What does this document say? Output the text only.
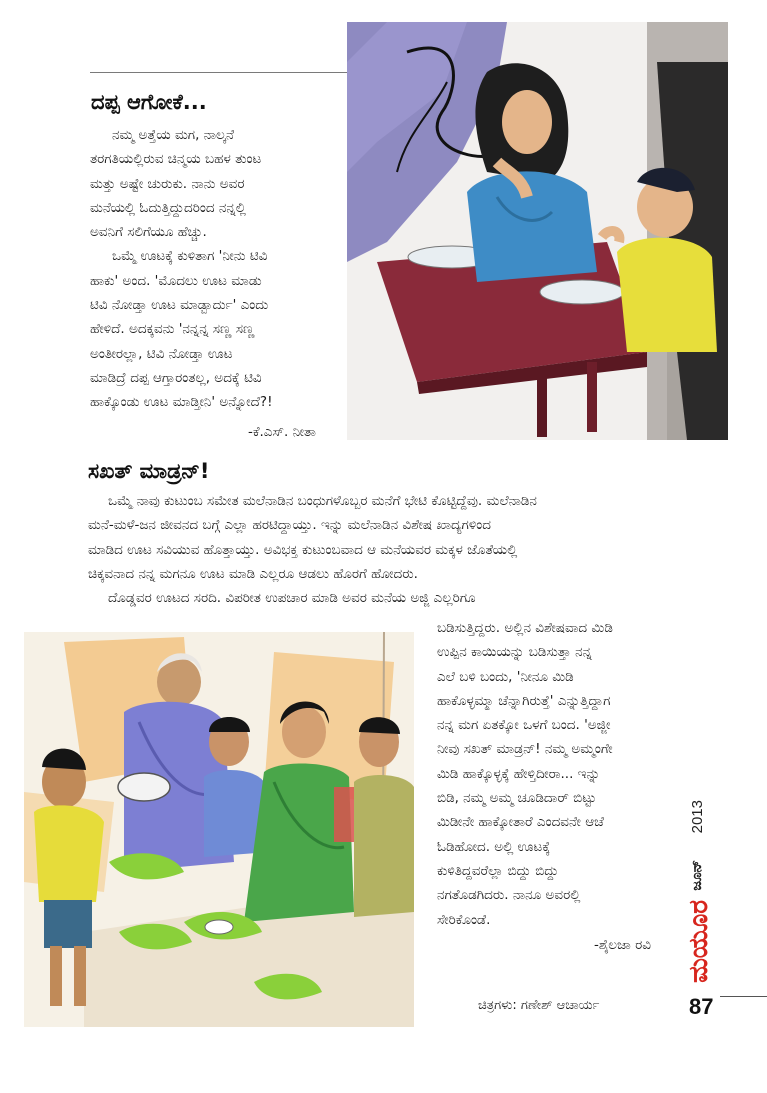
ದಪ್ಪ ಆಗೋಕೆ...
ನಮ್ಮ ಅತ್ತೆಯ ಮಗ, ನಾಲ್ಕನೆ
ತರಗತಿಯಲ್ಲಿರುವ ಚಿನ್ಮಯ ಬಹಳ ತುಂಟ
ಮತ್ತು ಅಷ್ಟೇ ಚುರುಕು. ನಾನು ಅವರ
ಮನೆಯಲ್ಲಿ ಓದುತ್ತಿದ್ದುದರಿಂದ ನನ್ನಲ್ಲಿ
ಅವನಿಗೆ ಸಲಿಗೆಯೂ ಹೆಚ್ಚು.
ಒಮ್ಮೆ ಊಟಕ್ಕೆ ಕುಳಿತಾಗ 'ನೀನು ಟಿವಿ
ಹಾಕು' ಅಂದ. 'ಮೊದಲು ಊಟ ಮಾಡು
ಟಿವಿ ನೋಡ್ತಾ ಊಟ ಮಾಡ್ಬಾರ್ದು' ಎಂದು
ಹೇಳಿದೆ. ಅದಕ್ಕವನು 'ನನ್ನನ್ನ ಸಣ್ಣ ಸಣ್ಣ
ಅಂತೀರಲ್ಲಾ, ಟಿವಿ ನೋಡ್ತಾ ಊಟ
ಮಾಡಿದ್ರೆ ದಪ್ಪ ಆಗ್ತಾರಂತಲ್ಲ, ಅದಕ್ಕೆ ಟಿವಿ
ಹಾಕ್ಕೊಂಡು ಊಟ ಮಾಡ್ತೀನಿ' ಅನ್ನೋದೆ?!
-ಕೆ.ಎಸ್. ನೀತಾ
ಸಖತ್ ಮಾಡ್ರನ್!
ಒಮ್ಮೆ ನಾವು ಕುಟುಂಬ ಸಮೇತ ಮಲೆನಾಡಿನ ಬಂಧುಗಳೊಬ್ಬರ ಮನೆಗೆ ಭೇಟಿ ಕೊಟ್ಟಿದ್ದೆವು. ಮಲೆನಾಡಿನ
ಮನೆ-ಮಳೆ-ಜನ ಜೀವನದ ಬಗ್ಗೆ ಎಲ್ಲಾ ಹರಟಿದ್ದಾಯ್ತು. ಇನ್ನು ಮಲೆನಾಡಿನ ವಿಶೇಷ ಖಾದ್ಯಗಳಿಂದ
ಮಾಡಿದ ಊಟ ಸವಿಯುವ ಹೊತ್ತಾಯ್ತು. ಅವಿಭಕ್ತ ಕುಟುಂಬವಾದ ಆ ಮನೆಯವರ ಮಕ್ಕಳ ಜೊತೆಯಲ್ಲಿ
ಚಿಕ್ಕವನಾದ ನನ್ನ ಮಗನೂ ಊಟ ಮಾಡಿ ಎಲ್ಲರೂ ಆಡಲು ಹೊರಗೆ ಹೋದರು.
ದೊಡ್ಡವರ ಊಟದ ಸರದಿ. ವಿಪರೀತ ಉಪಚಾರ ಮಾಡಿ ಅವರ ಮನೆಯ ಅಜ್ಜಿ ಎಲ್ಲರಿಗೂ
ಬಡಿಸುತ್ತಿದ್ದರು. ಅಲ್ಲಿನ ವಿಶೇಷವಾದ ಮಿಡಿ
ಉಪ್ಪಿನ ಕಾಯಿಯನ್ನು ಬಡಿಸುತ್ತಾ ನನ್ನ
ಎಲೆ ಬಳಿ ಬಂದು, 'ನೀನೂ ಮಿಡಿ
ಹಾಕೊಳ್ಳಮ್ಮಾ ಚೆನ್ನಾಗಿರುತ್ತೆ' ಎನ್ನುತ್ತಿದ್ದಾಗ
ನನ್ನ ಮಗ ಏತಕ್ಕೋ ಒಳಗೆ ಬಂದ. 'ಅಜ್ಜೀ
ನೀವು ಸಖತ್ ಮಾಡ್ರನ್! ನಮ್ಮ ಅಮ್ಮಂಗೇ
ಮಿಡಿ ಹಾಕ್ಕೊಳ್ಳಕ್ಕೆ ಹೇಳ್ತಿದೀರಾ... ಇನ್ನು
ಬಿಡಿ, ನಮ್ಮ ಅಮ್ಮ ಚೂಡಿದಾರ್ ಬಿಟ್ಟು
ಮಿಡೀನೇ ಹಾಕ್ಕೋತಾರೆ ಎಂದವನೇ ಆಚೆ
ಓಡಿಹೋದ. ಅಲ್ಲಿ ಊಟಕ್ಕೆ
ಕುಳಿತಿದ್ದವರೆಲ್ಲಾ ಬಿದ್ದು ಬಿದ್ದು
ನಗತೊಡಗಿದರು. ನಾನೂ ಅವರಲ್ಲಿ
ಸೇರಿಕೊಂಡೆ.
-ಶೈಲಜಾ ರವಿ
2013
ಜೂನ್
ಮಯೂರ
ಚಿತ್ರಗಳು: ಗಣೇಶ್ ಆಚಾರ್ಯ	87
